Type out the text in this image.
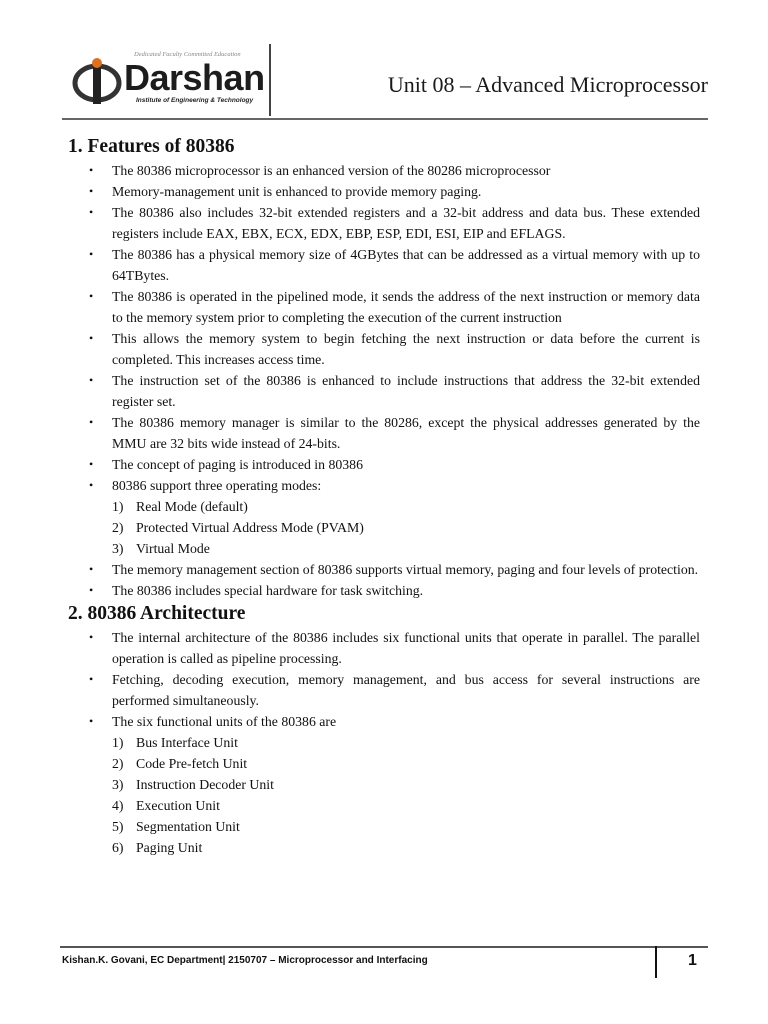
Dedicated Faculty Committed Education
Darshan
Institute of Engineering & Technology
Unit 08 – Advanced Microprocessor
1. Features of 80386
• The 80386 microprocessor is an enhanced version of the 80286 microprocessor
• Memory-management unit is enhanced to provide memory paging.
• The 80386 also includes 32-bit extended registers and a 32-bit address and data bus. These extended registers include EAX, EBX, ECX, EDX, EBP, ESP, EDI, ESI, EIP and EFLAGS.
• The 80386 has a physical memory size of 4GBytes that can be addressed as a virtual memory with up to 64TBytes.
• The 80386 is operated in the pipelined mode, it sends the address of the next instruction or memory data to the memory system prior to completing the execution of the current instruction
• This allows the memory system to begin fetching the next instruction or data before the current is completed. This increases access time.
• The instruction set of the 80386 is enhanced to include instructions that address the 32-bit extended register set.
• The 80386 memory manager is similar to the 80286, except the physical addresses generated by the MMU are 32 bits wide instead of 24-bits.
• The concept of paging is introduced in 80386
• 80386 support three operating modes:
1) Real Mode (default)
2) Protected Virtual Address Mode (PVAM)
3) Virtual Mode
• The memory management section of 80386 supports virtual memory, paging and four levels of protection.
• The 80386 includes special hardware for task switching.
2. 80386 Architecture
• The internal architecture of the 80386 includes six functional units that operate in parallel. The parallel operation is called as pipeline processing.
• Fetching, decoding execution, memory management, and bus access for several instructions are performed simultaneously.
• The six functional units of the 80386 are
1) Bus Interface Unit
2) Code Pre-fetch Unit
3) Instruction Decoder Unit
4) Execution Unit
5) Segmentation Unit
6) Paging Unit
Kishan.K. Govani, EC Department| 2150707 – Microprocessor and Interfacing	1
